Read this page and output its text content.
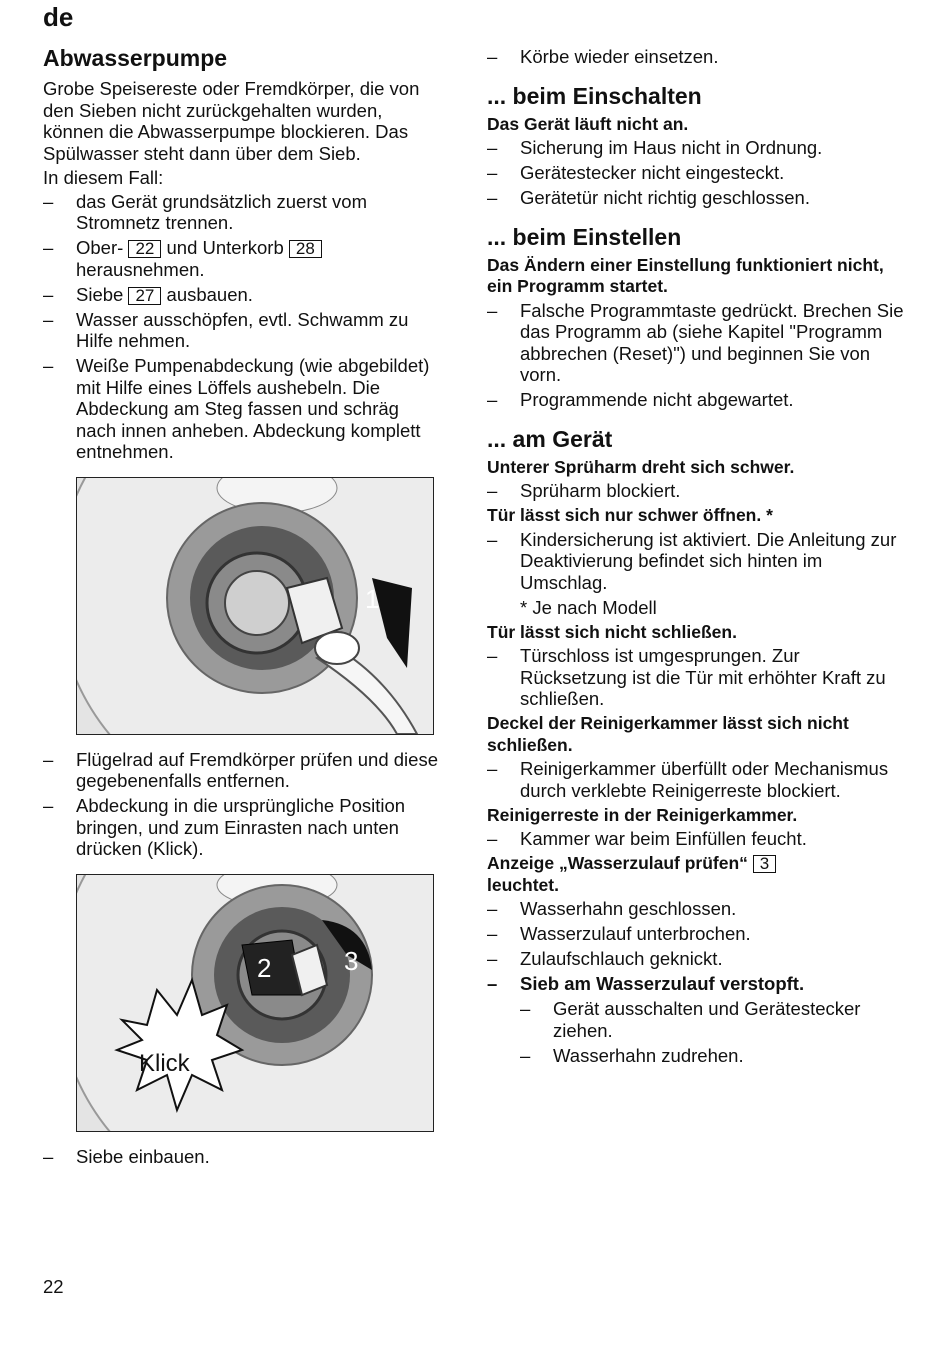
de
Abwasserpumpe

Grobe Speisereste oder Fremdkörper, die von den Sieben nicht zurückgehalten wurden, können die Abwasserpumpe blockieren. Das Spülwasser steht dann über dem Sieb.

In diesem Fall:

– das Gerät grundsätzlich zuerst vom Stromnetz trennen.
– Ober- 22 und Unterkorb 28 herausnehmen.
– Siebe 27 ausbauen.
– Wasser ausschöpfen, evtl. Schwamm zu Hilfe nehmen.
– Weiße Pumpenabdeckung (wie abgebildet) mit Hilfe eines Löffels aushebeln. Die Abdeckung am Steg fassen und schräg nach innen anheben. Abdeckung komplett entnehmen.
1
– Flügelrad auf Fremdkörper prüfen und diese gegebenenfalls entfernen.
– Abdeckung in die ursprüngliche Position bringen, und zum Einrasten nach unten drücken (Klick).
2	3
Klick
– Siebe einbauen.
– Körbe wieder einsetzen.
... beim Einschalten

Das Gerät läuft nicht an.

– Sicherung im Haus nicht in Ordnung.
– Gerätestecker nicht eingesteckt.
– Gerätetür nicht richtig geschlossen.
... beim Einstellen

Das Ändern einer Einstellung funktioniert nicht, ein Programm startet.

– Falsche Programmtaste gedrückt. Brechen Sie das Programm ab (siehe Kapitel "Programm abbrechen (Reset)") und beginnen Sie von vorn.
– Programmende nicht abgewartet.
... am Gerät

Unterer Sprüharm dreht sich schwer.

– Sprüharm blockiert.

Tür lässt sich nur schwer öffnen. *

– Kindersicherung ist aktiviert. Die Anleitung zur Deaktivierung befindet sich hinten im Umschlag.
* Je nach Modell

Tür lässt sich nicht schließen.

– Türschloss ist umgesprungen. Zur Rücksetzung ist die Tür mit erhöhter Kraft zu schließen.

Deckel der Reinigerkammer lässt sich nicht schließen.

– Reinigerkammer überfüllt oder Mechanismus durch verklebte Reinigerreste blockiert.

Reinigerreste in der Reinigerkammer.

– Kammer war beim Einfüllen feucht.

Anzeige „Wasserzulauf prüfen“ 3
leuchtet.

– Wasserhahn geschlossen.
– Wasserzulauf unterbrochen.
– Zulaufschlauch geknickt.
– Sieb am Wasserzulauf verstopft.
– Gerät ausschalten und Gerätestecker ziehen.
– Wasserhahn zudrehen.
22
